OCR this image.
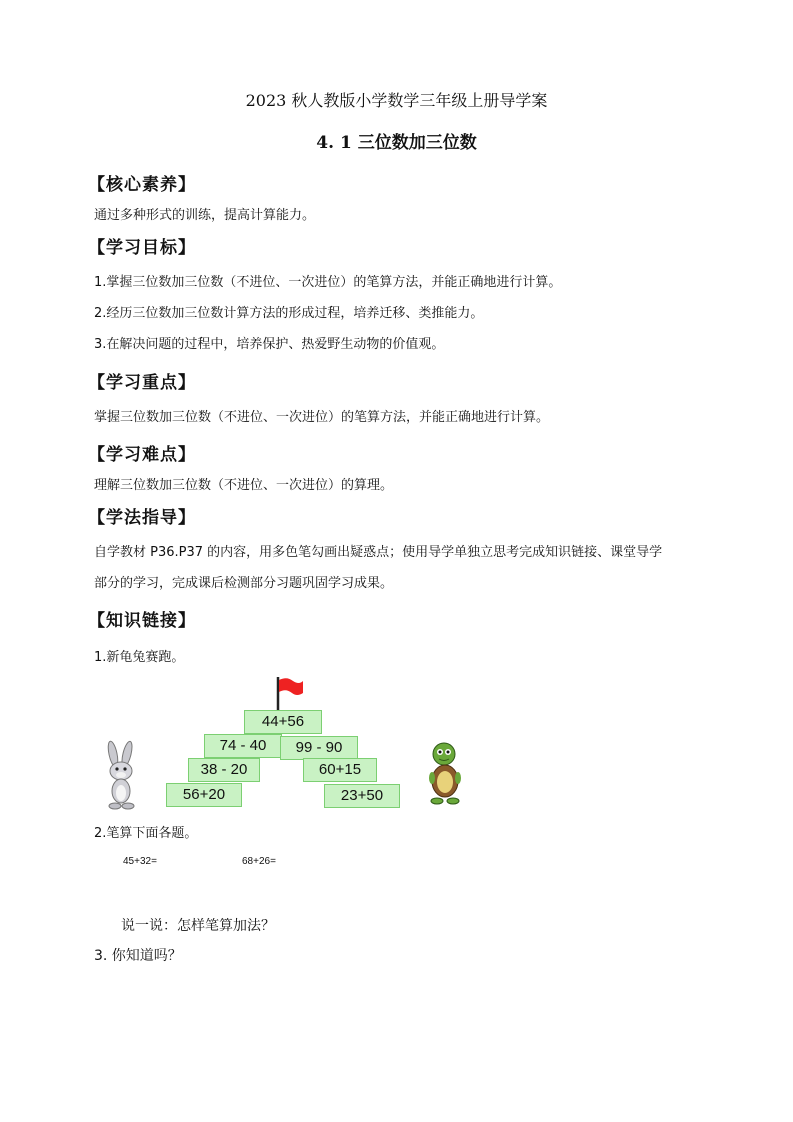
2023 秋人教版小学数学三年级上册导学案
4. 1 三位数加三位数
【核心素养】
通过多种形式的训练，提高计算能力。
【学习目标】
1.掌握三位数加三位数（不进位、一次进位）的笔算方法，并能正确地进行计算。
2.经历三位数加三位数计算方法的形成过程，培养迁移、类推能力。
3.在解决问题的过程中，培养保护、热爱野生动物的价值观。
【学习重点】
掌握三位数加三位数（不进位、一次进位）的笔算方法，并能正确地进行计算。
【学习难点】
理解三位数加三位数（不进位、一次进位）的算理。
【学法指导】
自学教材 P36.P37 的内容，用多色笔勾画出疑惑点；使用导学单独立思考完成知识链接、课堂导学
部分的学习，完成课后检测部分习题巩固学习成果。
【知识链接】
1.新龟兔赛跑。
44+56
74 - 40	99 - 90
38 - 20	60+15
56+20	23+50
2.笔算下面各题。
45+32=	68+26=
说一说：怎样笔算加法？
3. 你知道吗？
